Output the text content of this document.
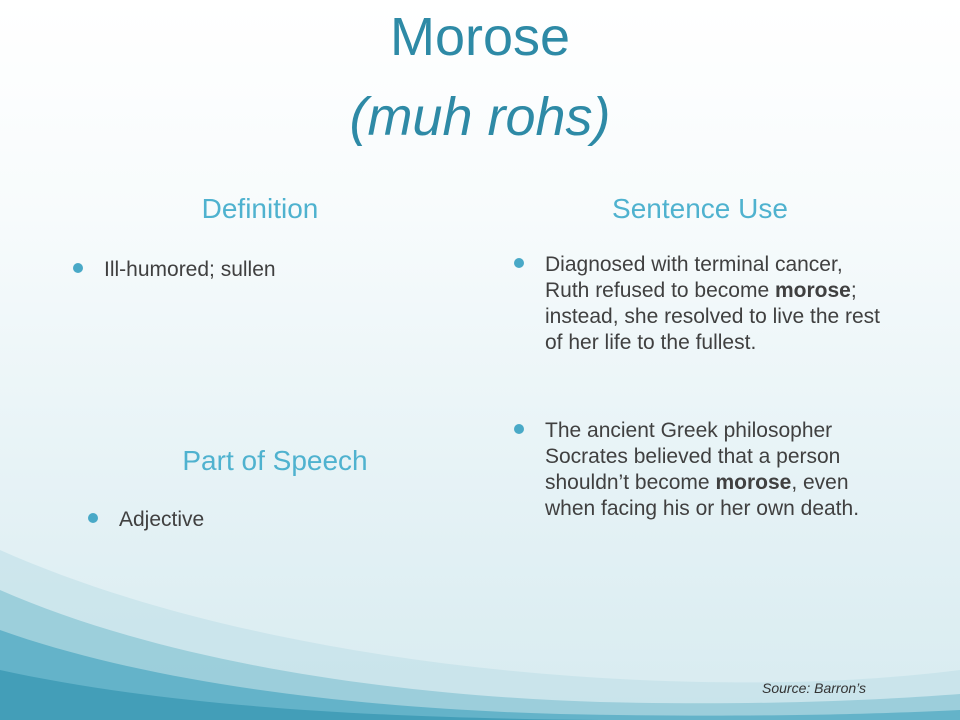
Morose
(muh rohs)
Definition

Ill-humored; sullen

Part of Speech

Adjective

Sentence Use

Diagnosed with terminal cancer, Ruth refused to become morose; instead, she resolved to live the rest of her life to the fullest.

The ancient Greek philosopher Socrates believed that a person shouldn’t become morose, even when facing his or her own death.

Source: Barron’s
